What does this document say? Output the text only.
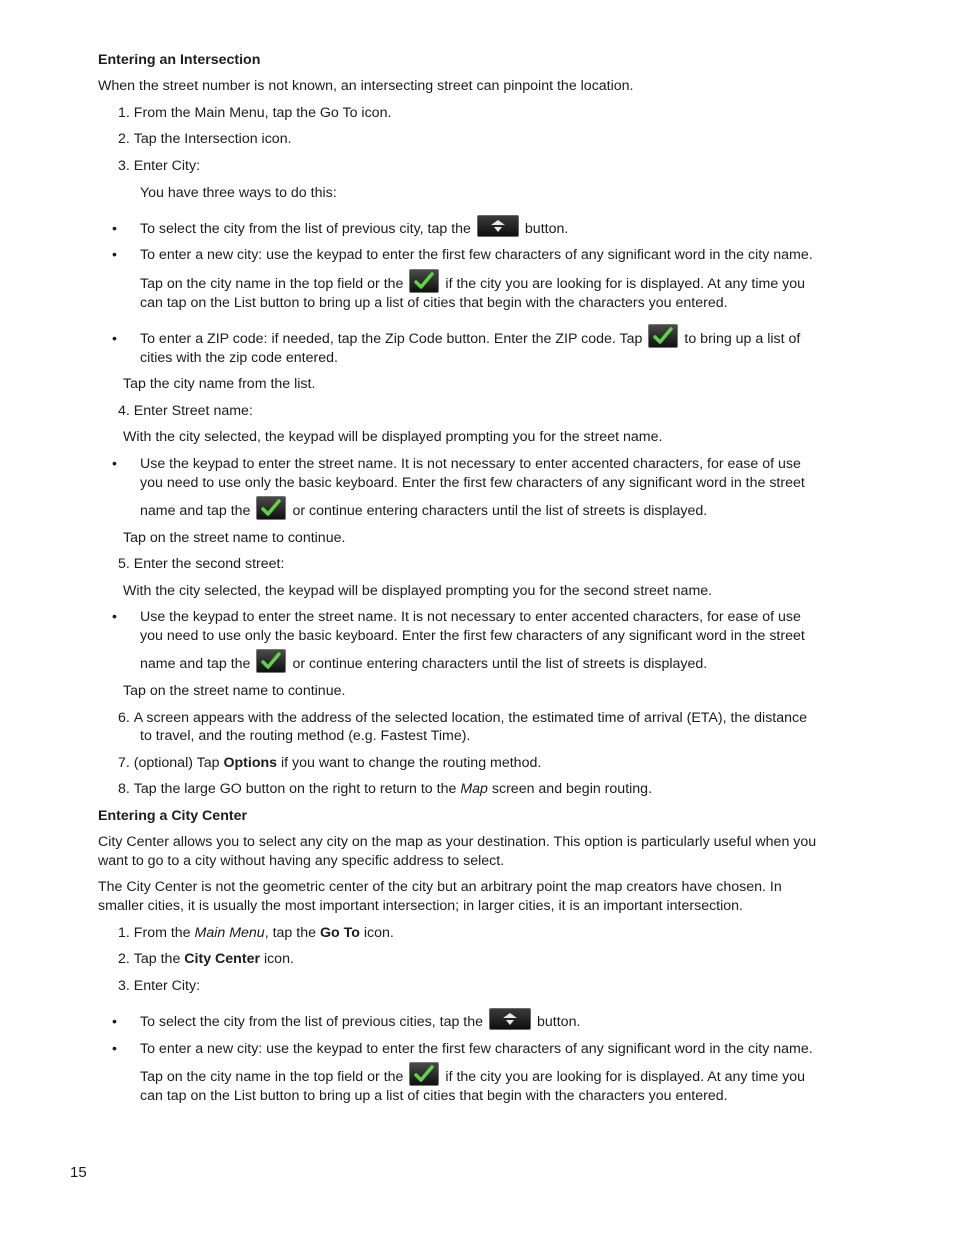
Entering an Intersection
When the street number is not known, an intersecting street can pinpoint the location.
1. From the Main Menu, tap the Go To icon.
2. Tap the Intersection icon.
3. Enter City:
You have three ways to do this:
• To select the city from the list of previous city, tap the	button.
• To enter a new city: use the keypad to enter the first few characters of any significant word in the city name.
Tap on the city name in the top field or the	if the city you are looking for is displayed. At any time you
can tap on the List button to bring up a list of cities that begin with the characters you entered.
• To enter a ZIP code: if needed, tap the Zip Code button. Enter the ZIP code. Tap	to bring up a list of
cities with the zip code entered.
Tap the city name from the list.
4. Enter Street name:
With the city selected, the keypad will be displayed prompting you for the street name.
• Use the keypad to enter the street name. It is not necessary to enter accented characters, for ease of use
you need to use only the basic keyboard. Enter the first few characters of any significant word in the street
name and tap the	or continue entering characters until the list of streets is displayed.
Tap on the street name to continue.
5. Enter the second street:
With the city selected, the keypad will be displayed prompting you for the second street name.
• Use the keypad to enter the street name. It is not necessary to enter accented characters, for ease of use
you need to use only the basic keyboard. Enter the first few characters of any significant word in the street
name and tap the	or continue entering characters until the list of streets is displayed.
Tap on the street name to continue.
6. A screen appears with the address of the selected location, the estimated time of arrival (ETA), the distance
to travel, and the routing method (e.g. Fastest Time).
7. (optional) Tap Options if you want to change the routing method.
8. Tap the large GO button on the right to return to the Map screen and begin routing.
Entering a City Center
City Center allows you to select any city on the map as your destination. This option is particularly useful when you
want to go to a city without having any specific address to select.
The City Center is not the geometric center of the city but an arbitrary point the map creators have chosen. In
smaller cities, it is usually the most important intersection; in larger cities, it is an important intersection.
1. From the Main Menu, tap the Go To icon.
2. Tap the City Center icon.
3. Enter City:
• To select the city from the list of previous cities, tap the	button.
• To enter a new city: use the keypad to enter the first few characters of any significant word in the city name.
Tap on the city name in the top field or the	if the city you are looking for is displayed. At any time you
can tap on the List button to bring up a list of cities that begin with the characters you entered.
15
